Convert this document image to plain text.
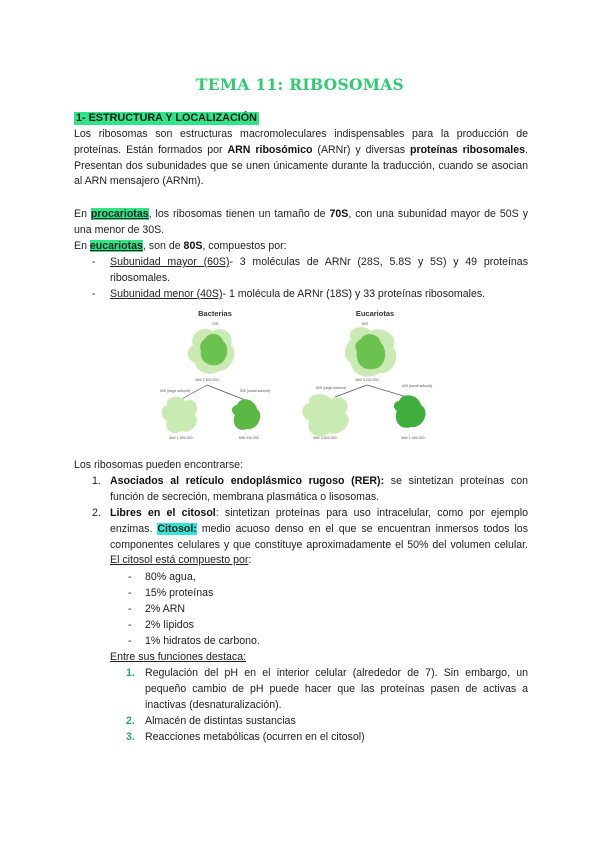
TEMA 11: RIBOSOMAS
1- ESTRUCTURA Y LOCALIZACIÓN
Los ribosomas son estructuras macromoleculares indispensables para la producción de proteínas. Están formados por ARN ribosómico (ARNr) y diversas proteínas ribosomales. Presentan dos subunidades que se unen únicamente durante la traducción, cuando se asocian al ARN mensajero (ARNm).
En procariotas, los ribosomas tienen un tamaño de 70S, con una subunidad mayor de 50S y una menor de 30S.
En eucariotas, son de 80S, compuestos por:
- Subunidad mayor (60S)- 3 moléculas de ARNr (28S, 5.8S y 5S) y 49 proteínas ribosomales.
- Subunidad menor (40S)- 1 molécula de ARNr (18S) y 33 proteínas ribosomales.
Bacterias
70S
MW 2,520,000
50S (large subunit)	30S (small subunit)
MW 1,590,000	MW 930,000
Eucariotas
80S
MW 4,220,000
60S (large subunit)	40S (small subunit)
MW 2,820,000	MW 1,400,000
Los ribosomas pueden encontrarse:
1. Asociados al retículo endoplásmico rugoso (RER): se sintetizan proteínas con función de secreción, membrana plasmática o lisosomas.
2. Libres en el citosol: sintetizan proteínas para uso intracelular, como por ejemplo enzimas. Citosol: medio acuoso denso en el que se encuentran inmersos todos los componentes celulares y que constituye aproximadamente el 50% del volumen celular. El citosol está compuesto por:
- 80% agua,
- 15% proteínas
- 2% ARN
- 2% lípidos
- 1% hidratos de carbono.
Entre sus funciones destaca:
1. Regulación del pH en el interior celular (alrededor de 7). Sin embargo, un pequeño cambio de pH puede hacer que las proteínas pasen de activas a inactivas (desnaturalización).
2. Almacén de distintas sustancias
3. Reacciones metabólicas (ocurren en el citosol)
